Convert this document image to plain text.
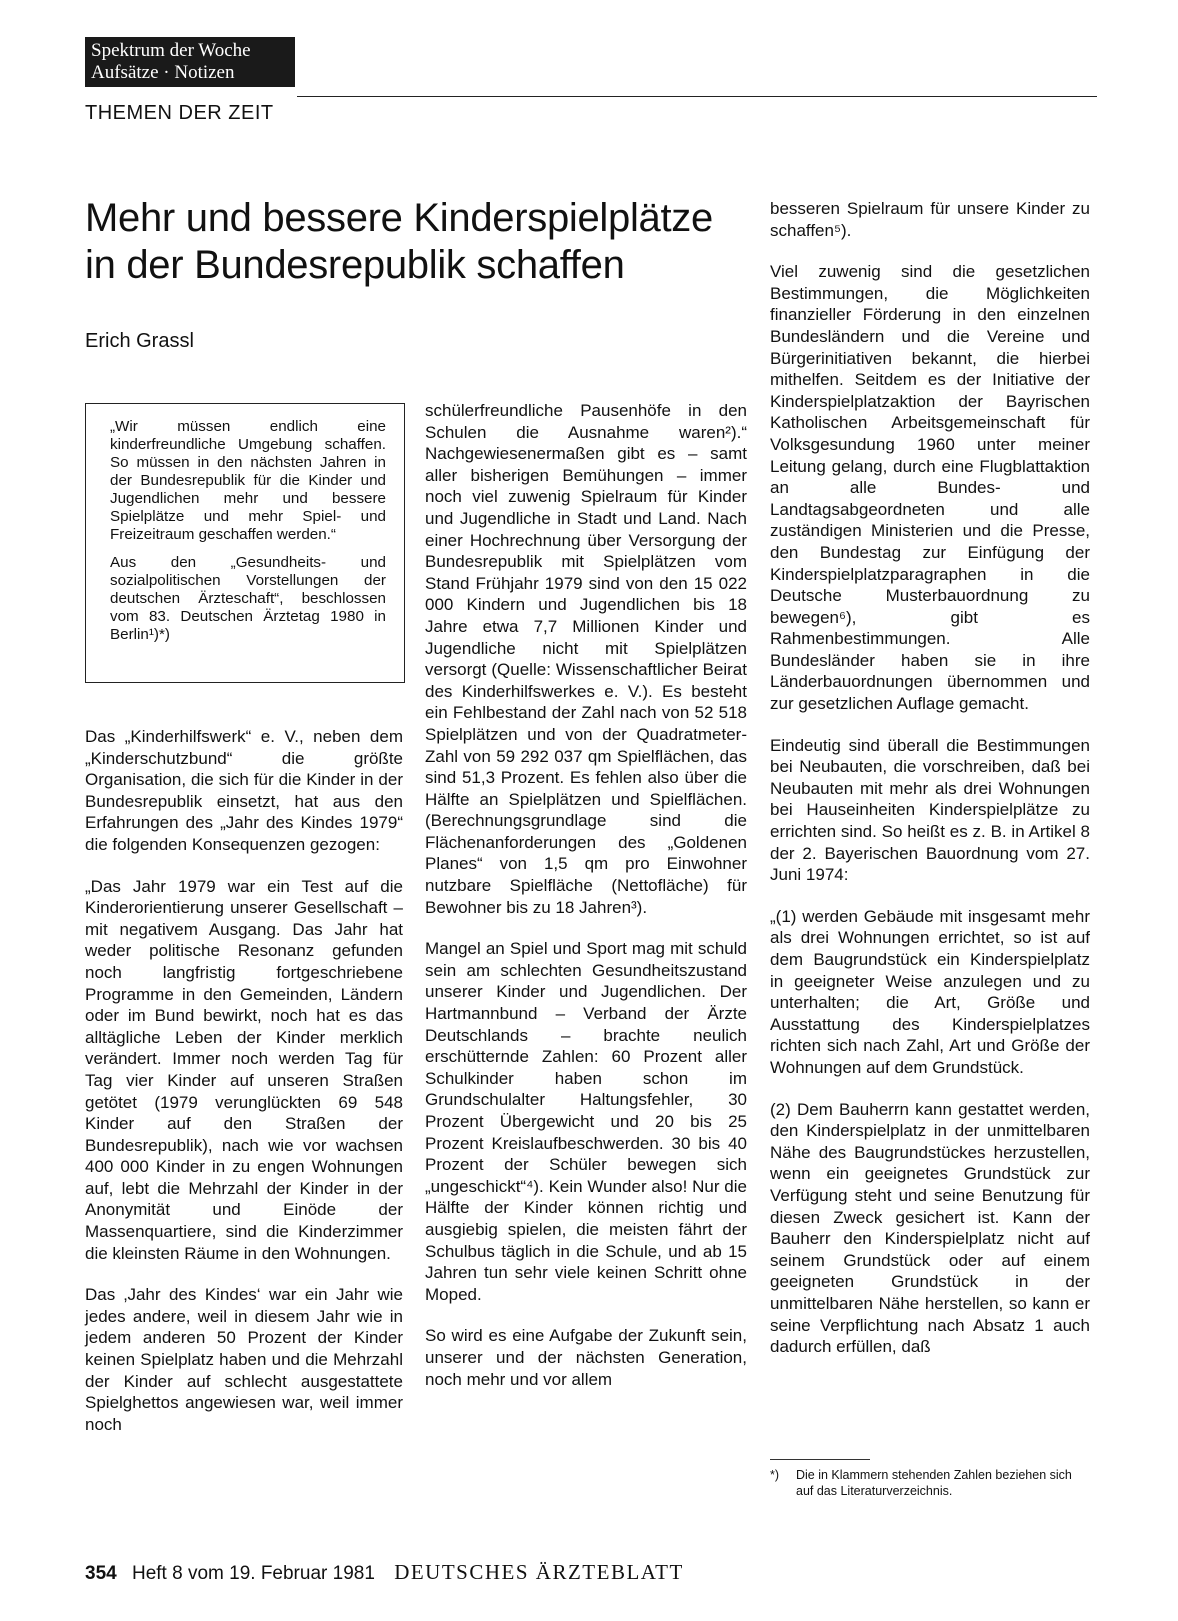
Spektrum der Woche
Aufsätze · Notizen
THEMEN DER ZEIT
Mehr und bessere Kinderspielplätze
in der Bundesrepublik schaffen
Erich Grassl

„Wir müssen endlich eine kinderfreundliche Umgebung schaffen. So müssen in den nächsten Jahren in der Bundesrepublik für die Kinder und Jugendlichen mehr und bessere Spielplätze und mehr Spiel- und Freizeitraum geschaffen werden.“

Aus den „Gesundheits- und sozialpolitischen Vorstellungen der deutschen Ärzteschaft“, beschlossen vom 83. Deutschen Ärztetag 1980 in Berlin¹)*)

Das „Kinderhilfswerk“ e. V., neben dem „Kinderschutzbund“ die größte Organisation, die sich für die Kinder in der Bundesrepublik einsetzt, hat aus den Erfahrungen des „Jahr des Kindes 1979“ die folgenden Konsequenzen gezogen:

„Das Jahr 1979 war ein Test auf die Kinderorientierung unserer Gesellschaft – mit negativem Ausgang. Das Jahr hat weder politische Resonanz gefunden noch langfristig fortgeschriebene Programme in den Gemeinden, Ländern oder im Bund bewirkt, noch hat es das alltägliche Leben der Kinder merklich verändert. Immer noch werden Tag für Tag vier Kinder auf unseren Straßen getötet (1979 verunglückten 69 548 Kinder auf den Straßen der Bundesrepublik), nach wie vor wachsen 400 000 Kinder in zu engen Wohnungen auf, lebt die Mehrzahl der Kinder in der Anonymität und Einöde der Massenquartiere, sind die Kinderzimmer die kleinsten Räume in den Wohnungen.

Das ‚Jahr des Kindes‘ war ein Jahr wie jedes andere, weil in diesem Jahr wie in jedem anderen 50 Prozent der Kinder keinen Spielplatz haben und die Mehrzahl der Kinder auf schlecht ausgestattete Spielghettos angewiesen war, weil immer noch

schülerfreundliche Pausenhöfe in den Schulen die Ausnahme waren²).“ Nachgewiesenermaßen gibt es – samt aller bisherigen Bemühungen – immer noch viel zuwenig Spielraum für Kinder und Jugendliche in Stadt und Land. Nach einer Hochrechnung über Versorgung der Bundesrepublik mit Spielplätzen vom Stand Frühjahr 1979 sind von den 15 022 000 Kindern und Jugendlichen bis 18 Jahre etwa 7,7 Millionen Kinder und Jugendliche nicht mit Spielplätzen versorgt (Quelle: Wissenschaftlicher Beirat des Kinderhilfswerkes e. V.). Es besteht ein Fehlbestand der Zahl nach von 52 518 Spielplätzen und von der Quadratmeter-Zahl von 59 292 037 qm Spielflächen, das sind 51,3 Prozent. Es fehlen also über die Hälfte an Spielplätzen und Spielflächen. (Berechnungsgrundlage sind die Flächenanforderungen des „Goldenen Planes“ von 1,5 qm pro Einwohner nutzbare Spielfläche (Nettofläche) für Bewohner bis zu 18 Jahren³).

Mangel an Spiel und Sport mag mit schuld sein am schlechten Gesundheitszustand unserer Kinder und Jugendlichen. Der Hartmannbund – Verband der Ärzte Deutschlands – brachte neulich erschütternde Zahlen: 60 Prozent aller Schulkinder haben schon im Grundschulalter Haltungsfehler, 30 Prozent Übergewicht und 20 bis 25 Prozent Kreislaufbeschwerden. 30 bis 40 Prozent der Schüler bewegen sich „ungeschickt“⁴). Kein Wunder also! Nur die Hälfte der Kinder können richtig und ausgiebig spielen, die meisten fährt der Schulbus täglich in die Schule, und ab 15 Jahren tun sehr viele keinen Schritt ohne Moped.

So wird es eine Aufgabe der Zukunft sein, unserer und der nächsten Generation, noch mehr und vor allem

besseren Spielraum für unsere Kinder zu schaffen⁵).

Viel zuwenig sind die gesetzlichen Bestimmungen, die Möglichkeiten finanzieller Förderung in den einzelnen Bundesländern und die Vereine und Bürgerinitiativen bekannt, die hierbei mithelfen. Seitdem es der Initiative der Kinderspielplatzaktion der Bayrischen Katholischen Arbeitsgemeinschaft für Volksgesundung 1960 unter meiner Leitung gelang, durch eine Flugblattaktion an alle Bundes- und Landtagsabgeordneten und alle zuständigen Ministerien und die Presse, den Bundestag zur Einfügung der Kinderspielplatzparagraphen in die Deutsche Musterbauordnung zu bewegen⁶), gibt es Rahmenbestimmungen. Alle Bundesländer haben sie in ihre Länderbauordnungen übernommen und zur gesetzlichen Auflage gemacht.

Eindeutig sind überall die Bestimmungen bei Neubauten, die vorschreiben, daß bei Neubauten mit mehr als drei Wohnungen bei Hauseinheiten Kinderspielplätze zu errichten sind. So heißt es z. B. in Artikel 8 der 2. Bayerischen Bauordnung vom 27. Juni 1974:

„(1) werden Gebäude mit insgesamt mehr als drei Wohnungen errichtet, so ist auf dem Baugrundstück ein Kinderspielplatz in geeigneter Weise anzulegen und zu unterhalten; die Art, Größe und Ausstattung des Kinderspielplatzes richten sich nach Zahl, Art und Größe der Wohnungen auf dem Grundstück.

(2) Dem Bauherrn kann gestattet werden, den Kinderspielplatz in der unmittelbaren Nähe des Baugrundstückes herzustellen, wenn ein geeignetes Grundstück zur Verfügung steht und seine Benutzung für diesen Zweck gesichert ist. Kann der Bauherr den Kinderspielplatz nicht auf seinem Grundstück oder auf einem geeigneten Grundstück in der unmittelbaren Nähe herstellen, so kann er seine Verpflichtung nach Absatz 1 auch dadurch erfüllen, daß

*)	Die in Klammern stehenden Zahlen beziehen sich auf das Literaturverzeichnis.
354 Heft 8 vom 19. Februar 1981 DEUTSCHES ÄRZTEBLATT
